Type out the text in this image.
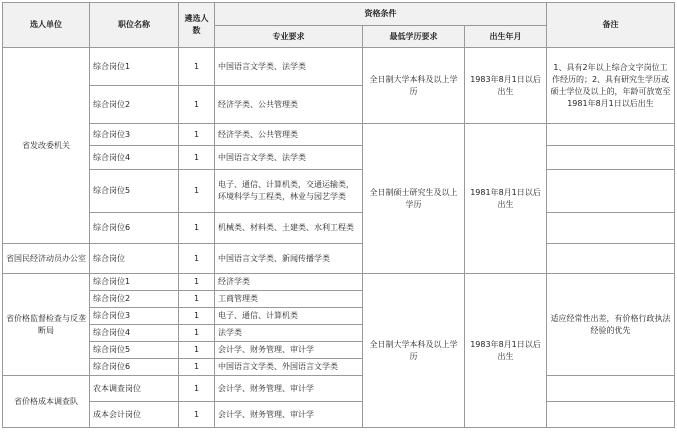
选人单位	职位名称	遴选人数	资格条件			备注
			专业要求	最低学历要求	出生年月	
省发改委机关	综合岗位1	1	中国语言文学类、法学类	全日制大学本科及以上学历	1983年8月1日以后出生	1、具有2年以上综合文字岗位工作经历的；2、具有研究生学历或硕士学位及以上的，年龄可放宽至1981年8月1日以后出生
	综合岗位2	1	经济学类、公共管理类			
	综合岗位3	1	经济学类、公共管理类	全日制硕士研究生及以上学历	1981年8月1日以后出生	
	综合岗位4	1	中国语言文学类、法学类			
	综合岗位5	1	电子、通信、计算机类，交通运输类，环境科学与工程类，林业与园艺学类			
	综合岗位6	1	机械类、材料类、土建类、水利工程类			
省国民经济动员办公室	综合岗位	1	中国语言文学类、新闻传播学类			
省价格监督检查与反垄断局	综合岗位1	1	经济学类	全日制大学本科及以上学历	1983年8月1日以后出生	适应经常性出差，有价格行政执法经验的优先
	综合岗位2	1	工商管理类			
	综合岗位3	1	电子、通信、计算机类			
	综合岗位4	1	法学类			
	综合岗位5	1	会计学、财务管理、审计学			
	综合岗位6	1	中国语言文学类、外国语言文学类			
省价格成本调查队	农本调查岗位	1	会计学、财务管理、审计学			
	成本会计岗位	1	会计学、财务管理、审计学			
